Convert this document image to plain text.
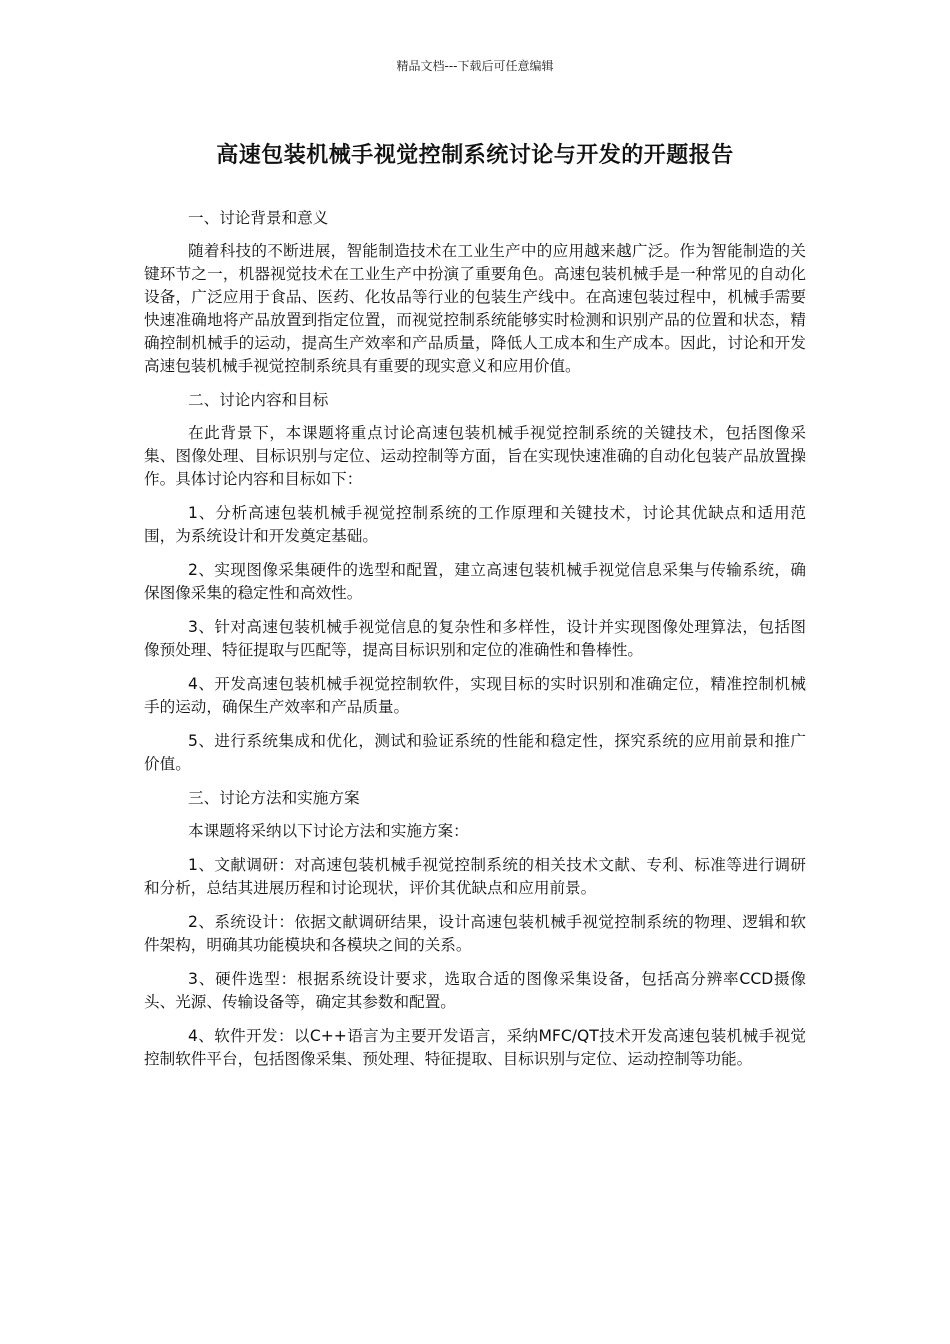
精品文档---下载后可任意编辑
高速包装机械手视觉控制系统讨论与开发的开题报告

一、讨论背景和意义

随着科技的不断进展，智能制造技术在工业生产中的应用越来越广泛。作为智能制造的关键环节之一，机器视觉技术在工业生产中扮演了重要角色。高速包装机械手是一种常见的自动化设备，广泛应用于食品、医药、化妆品等行业的包装生产线中。在高速包装过程中，机械手需要快速准确地将产品放置到指定位置，而视觉控制系统能够实时检测和识别产品的位置和状态，精确控制机械手的运动，提高生产效率和产品质量，降低人工成本和生产成本。因此，讨论和开发高速包装机械手视觉控制系统具有重要的现实意义和应用价值。

二、讨论内容和目标

在此背景下，本课题将重点讨论高速包装机械手视觉控制系统的关键技术，包括图像采集、图像处理、目标识别与定位、运动控制等方面，旨在实现快速准确的自动化包装产品放置操作。具体讨论内容和目标如下：

1、分析高速包装机械手视觉控制系统的工作原理和关键技术，讨论其优缺点和适用范围，为系统设计和开发奠定基础。

2、实现图像采集硬件的选型和配置，建立高速包装机械手视觉信息采集与传输系统，确保图像采集的稳定性和高效性。

3、针对高速包装机械手视觉信息的复杂性和多样性，设计并实现图像处理算法，包括图像预处理、特征提取与匹配等，提高目标识别和定位的准确性和鲁棒性。

4、开发高速包装机械手视觉控制软件，实现目标的实时识别和准确定位，精准控制机械手的运动，确保生产效率和产品质量。

5、进行系统集成和优化，测试和验证系统的性能和稳定性，探究系统的应用前景和推广价值。

三、讨论方法和实施方案

本课题将采纳以下讨论方法和实施方案：

1、文献调研：对高速包装机械手视觉控制系统的相关技术文献、专利、标准等进行调研和分析，总结其进展历程和讨论现状，评价其优缺点和应用前景。

2、系统设计：依据文献调研结果，设计高速包装机械手视觉控制系统的物理、逻辑和软件架构，明确其功能模块和各模块之间的关系。

3、硬件选型：根据系统设计要求，选取合适的图像采集设备，包括高分辨率CCD摄像头、光源、传输设备等，确定其参数和配置。

4、软件开发：以C++语言为主要开发语言，采纳MFC/QT技术开发高速包装机械手视觉控制软件平台，包括图像采集、预处理、特征提取、目标识别与定位、运动控制等功能。
